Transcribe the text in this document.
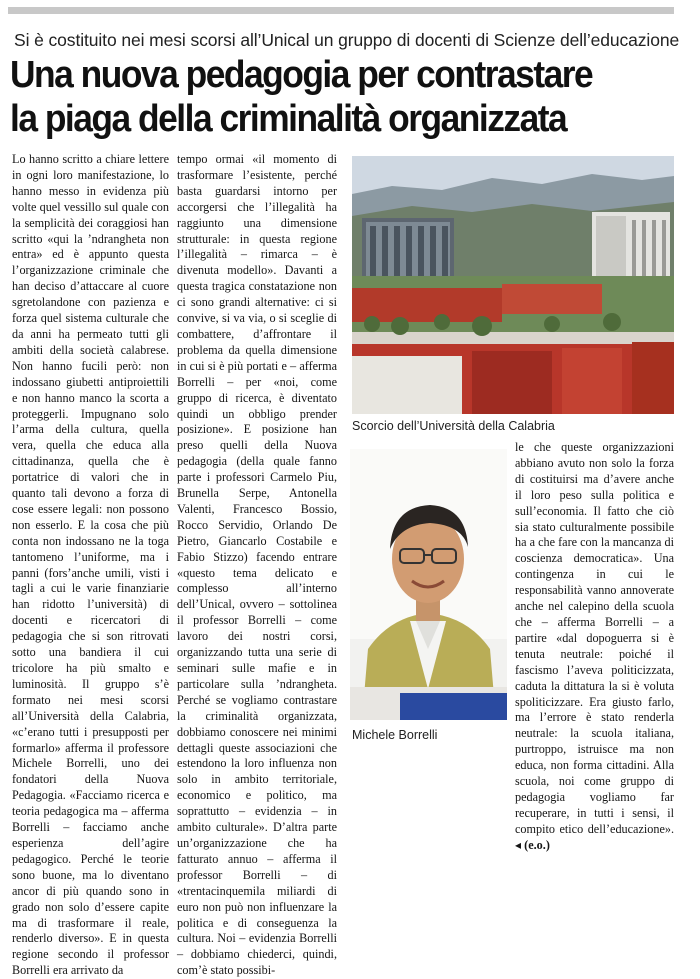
Si è costituito nei mesi scorsi all’Unical un gruppo di docenti di Scienze dell’educazione
Una nuova pedagogia per contrastare
la piaga della criminalità organizzata
Lo hanno scritto a chiare lettere in ogni loro manifestazione, lo hanno messo in evidenza più volte quel vessillo sul quale con la semplicità dei coraggiosi han scritto «qui la ’ndrangheta non entra» ed è appunto questa l’organizzazione criminale che han deciso d’attaccare al cuore sgretolandone con pazienza e forza quel sistema culturale che da anni ha permeato tutti gli ambiti della società calabrese. Non hanno fucili però: non indossano giubetti antiproiettili e non hanno manco la scorta a proteggerli. Impugnano solo l’arma della cultura, quella vera, quella che educa alla cittadinanza, quella che è portatrice di valori che in quanto tali devono a forza di cose essere legali: non possono non esserlo. E la cosa che più conta non indossano ne la toga tantomeno l’uniforme, ma i panni (fors’anche umili, visti i tagli a cui le varie finanziarie han ridotto l’università) di docenti e ricercatori di pedagogia che si son ritrovati sotto una bandiera il cui tricolore ha più smalto e luminosità. Il gruppo s’è formato nei mesi scorsi all’Università della Calabria, «c’erano tutti i presupposti per formarlo» afferma il professore Michele Borrelli, uno dei fondatori della Nuova Pedagogia. «Facciamo ricerca e teoria pedagogica ma – afferma Borrelli – facciamo anche esperienza dell’agire pedagogico. Perché le teorie sono buone, ma lo diventano ancor di più quando sono in grado non solo d’essere capite ma di trasformare il reale, renderlo diverso». E in questa regione secondo il professor Borrelli era arrivato da
tempo ormai «il momento di trasformare l’esistente, perché basta guardarsi intorno per accorgersi che l’illegalità ha raggiunto una dimensione strutturale: in questa regione l’illegalità – rimarca – è divenuta modello». Davanti a questa tragica constatazione non ci sono grandi alternative: ci si convive, si va via, o si sceglie di combattere, d’affrontare il problema da quella dimensione in cui si è più portati e – afferma Borrelli – per «noi, come gruppo di ricerca, è diventato quindi un obbligo prender posizione». E posizione han preso quelli della Nuova pedagogia (della quale fanno parte i professori Carmelo Piu, Brunella Serpe, Antonella Valenti, Francesco Bossio, Rocco Servidio, Orlando De Pietro, Giancarlo Costabile e Fabio Stizzo) facendo entrare «questo tema delicato e complesso all’interno dell’Unical, ovvero – sottolinea il professor Borrelli – come lavoro dei nostri corsi, organizzando tutta una serie di seminari sulle mafie e in particolare sulla ’ndrangheta. Perché se vogliamo contrastare la criminalità organizzata, dobbiamo conoscere nei minimi dettagli queste associazioni che estendono la loro influenza non solo in ambito territoriale, economico e politico, ma soprattutto – evidenzia – in ambito culturale». D’altra parte un’organizzazione che ha fatturato annuo – afferma il professor Borrelli – di «trentacinquemila miliardi di euro non può non influenzare la politica e di conseguenza la cultura. Noi – evidenzia Borrelli – dobbiamo chiederci, quindi, com’è stato possibi-
Scorcio dell’Università della Calabria
Michele Borrelli
le che queste organizzazioni abbiano avuto non solo la forza di costituirsi ma d’avere anche il loro peso sulla politica e sull’economia. Il fatto che ciò sia stato culturalmente possibile ha a che fare con la mancanza di coscienza democratica». Una contingenza in cui le responsabilità vanno annoverate anche nel calepino della scuola che – afferma Borrelli – a partire «dal dopoguerra si è tenuta neutrale: poiché il fascismo l’aveva politicizzata, caduta la dittatura la si è voluta spoliticizzare. Era giusto farlo, ma l’errore è stato renderla neutrale: la scuola italiana, purtroppo, istruisce ma non educa, non forma cittadini. Alla scuola, noi come gruppo di pedagogia vogliamo far recuperare, in tutti i sensi, il compito etico dell’educazione». ◂ (e.o.)
